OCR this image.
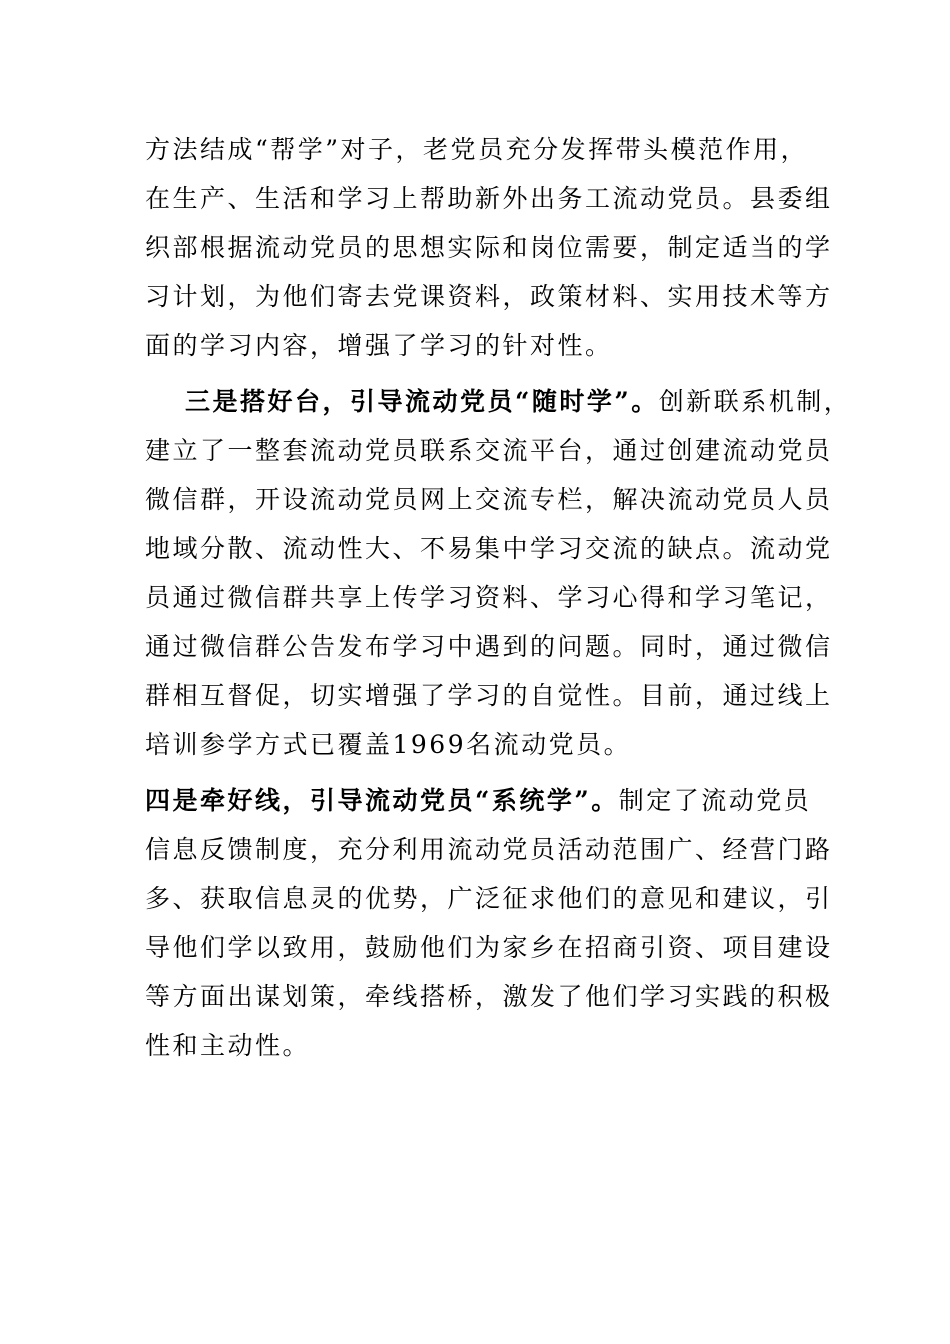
方法结成“帮学”对子，老党员充分发挥带头模范作用，
在生产、生活和学习上帮助新外出务工流动党员。县委组
织部根据流动党员的思想实际和岗位需要，制定适当的学
习计划，为他们寄去党课资料，政策材料、实用技术等方
面的学习内容，增强了学习的针对性。
三是搭好台，引导流动党员“随时学”。创新联系机制，
建立了一整套流动党员联系交流平台，通过创建流动党员
微信群，开设流动党员网上交流专栏，解决流动党员人员
地域分散、流动性大、不易集中学习交流的缺点。流动党
员通过微信群共享上传学习资料、学习心得和学习笔记，
通过微信群公告发布学习中遇到的问题。同时，通过微信
群相互督促，切实增强了学习的自觉性。目前，通过线上
培训参学方式已覆盖1969名流动党员。
四是牵好线，引导流动党员“系统学”。制定了流动党员
信息反馈制度，充分利用流动党员活动范围广、经营门路
多、获取信息灵的优势，广泛征求他们的意见和建议，引
导他们学以致用，鼓励他们为家乡在招商引资、项目建设
等方面出谋划策，牵线搭桥，激发了他们学习实践的积极
性和主动性。
